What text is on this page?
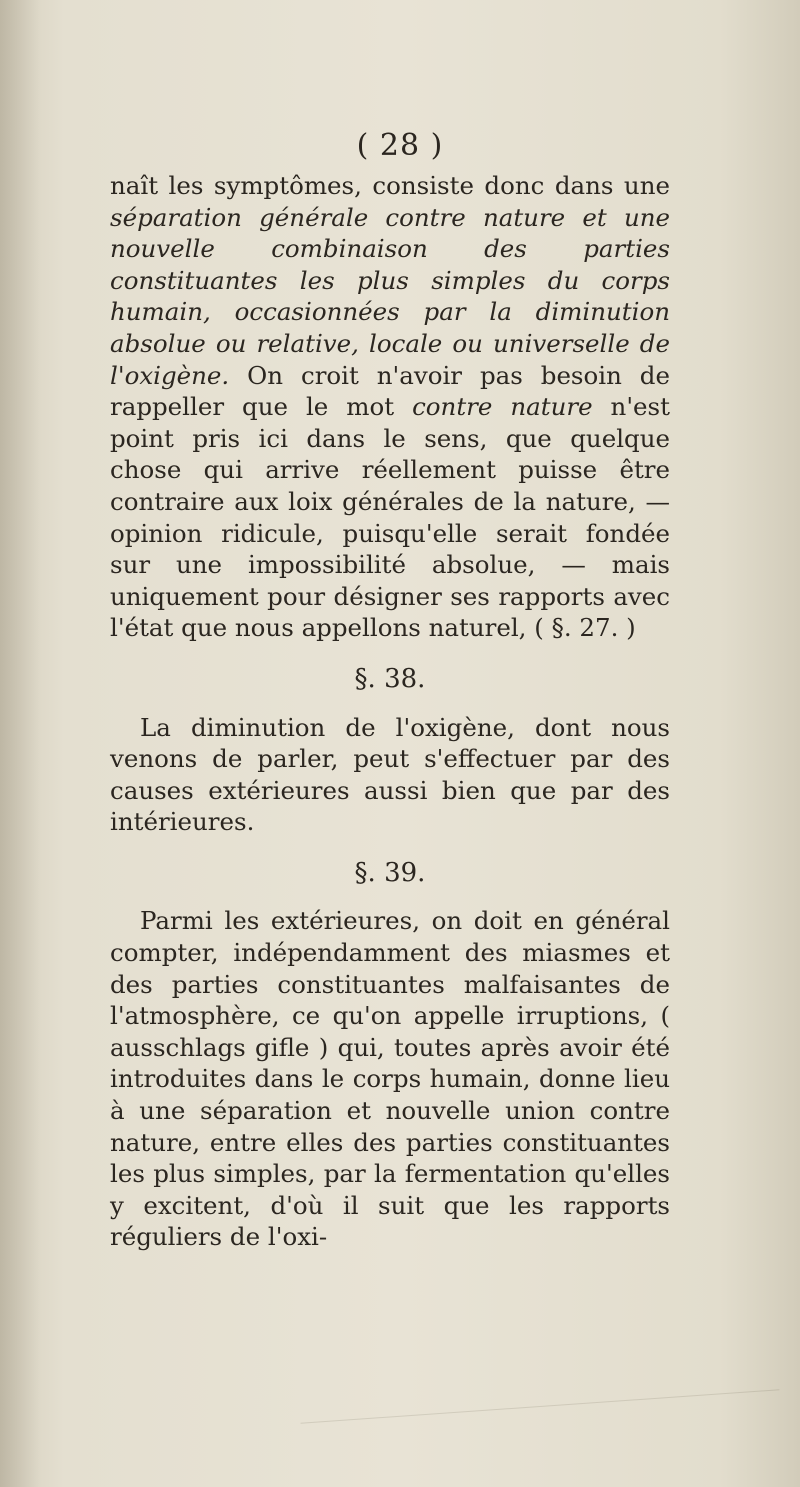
( 28 )

naît les symptômes, consiste donc dans une séparation générale contre nature et une nouvelle combinaison des parties constituantes les plus simples du corps humain, occasionnées par la diminution absolue ou relative, locale ou universelle de l'oxigène. On croit n'avoir pas besoin de rappeller que le mot contre nature n'est point pris ici dans le sens, que quelque chose qui arrive réellement puisse être contraire aux loix générales de la nature, — opinion ridicule, puisqu'elle serait fondée sur une impossibilité absolue, — mais uniquement pour désigner ses rapports avec l'état que nous appellons naturel, ( §. 27. )

§. 38.

La diminution de l'oxigène, dont nous venons de parler, peut s'effectuer par des causes extérieures aussi bien que par des intérieures.

§. 39.

Parmi les extérieures, on doit en général compter, indépendamment des miasmes et des parties constituantes malfaisantes de l'atmosphère, ce qu'on appelle irruptions, ( ausschlags gifle ) qui, toutes après avoir été introduites dans le corps humain, donne lieu à une séparation et nouvelle union contre nature, entre elles des parties constituantes les plus simples, par la fermentation qu'elles y excitent, d'où il suit que les rapports réguliers de l'oxi-
